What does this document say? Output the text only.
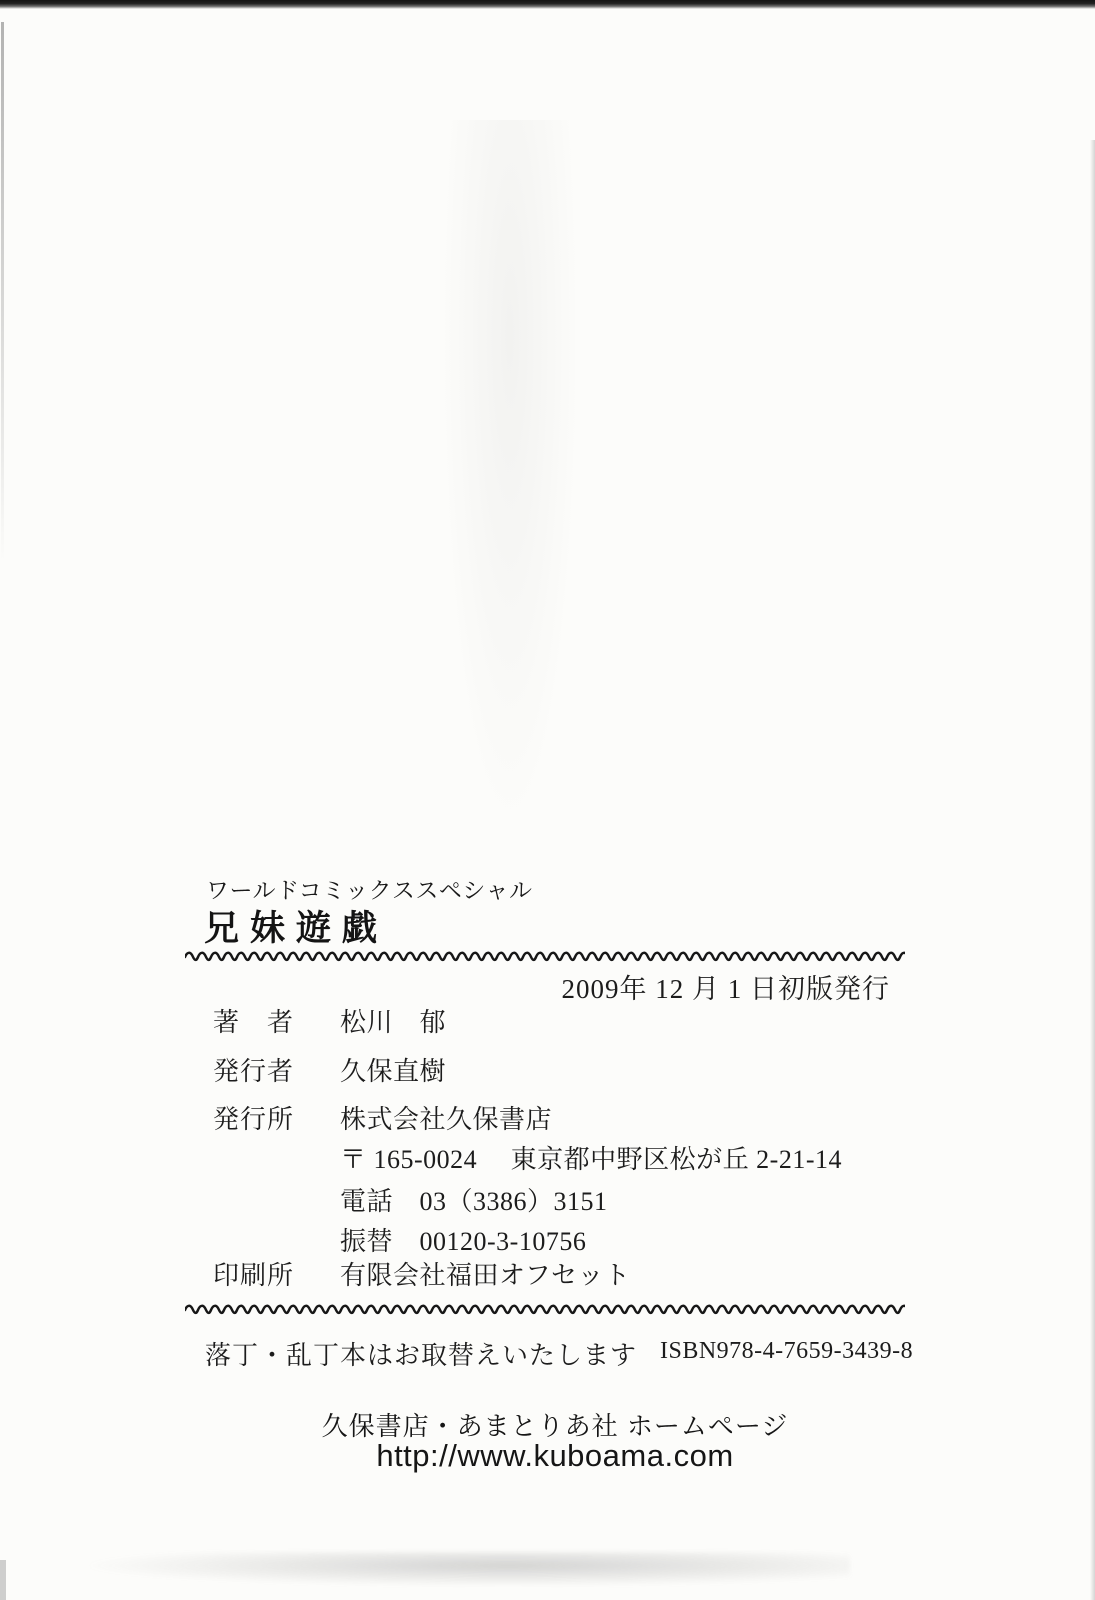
ワールドコミックススペシャル
兄妹遊戯
2009年 12 月 1 日初版発行
著　者 松川　郁
発行者 久保直樹
発行所 株式会社久保書店
〒 165-0024　 東京都中野区松が丘 2-21-14
電話　03（3386）3151
振替　00120-3-10756
印刷所 有限会社福田オフセット
落丁・乱丁本はお取替えいたします ISBN978-4-7659-3439-8
久保書店・あまとりあ社 ホームページ
http://www.kuboama.com
